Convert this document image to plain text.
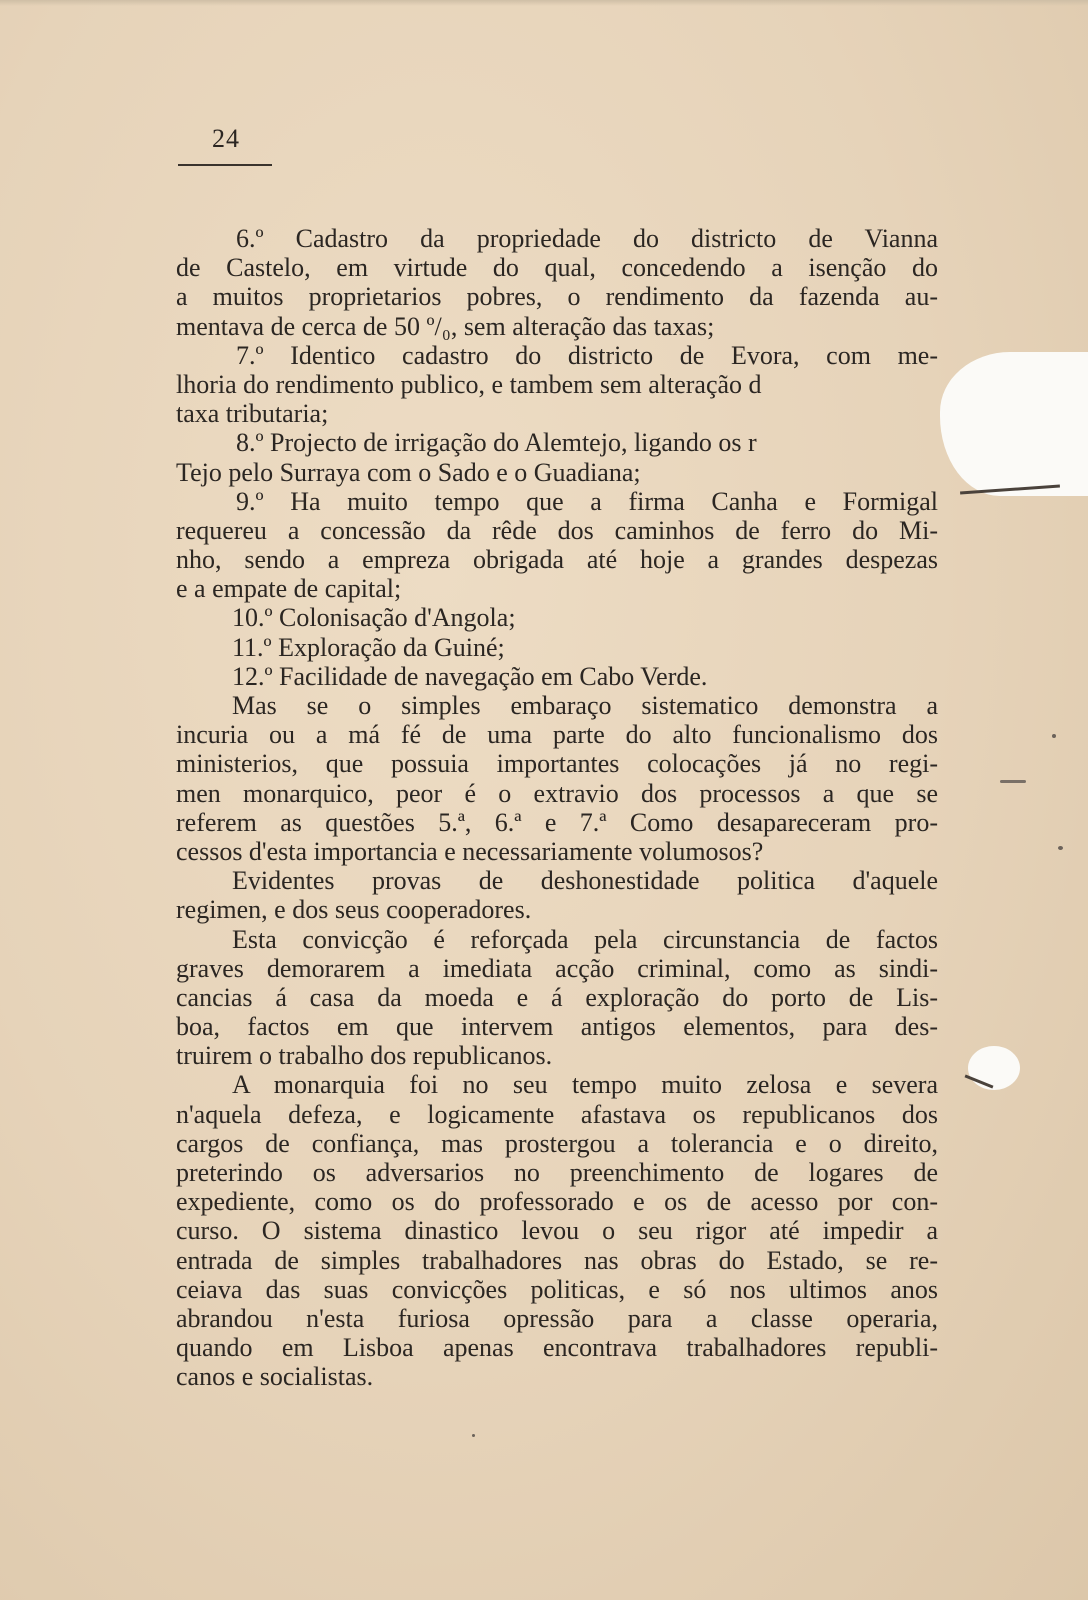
24
6.º Cadastro da propriedade do districto de Vianna
de Castelo, em virtude do qual, concedendo a isenção do
a muitos proprietarios pobres, o rendimento da fazenda au-
mentava de cerca de 50 º/₀, sem alteração das taxas;
7.º Identico cadastro do districto de Evora, com me-
lhoria do rendimento publico, e tambem sem alteração d
taxa tributaria;
8.º Projecto de irrigação do Alemtejo, ligando os r
Tejo pelo Surraya com o Sado e o Guadiana;
9.º Ha muito tempo que a firma Canha e Formigal
requereu a concessão da rêde dos caminhos de ferro do Mi-
nho, sendo a empreza obrigada até hoje a grandes despezas
e a empate de capital;
10.º Colonisação d'Angola;
11.º Exploração da Guiné;
12.º Facilidade de navegação em Cabo Verde.
Mas se o simples embaraço sistematico demonstra a
incuria ou a má fé de uma parte do alto funcionalismo dos
ministerios, que possuia importantes colocações já no regi-
men monarquico, peor é o extravio dos processos a que se
referem as questões 5.ª, 6.ª e 7.ª Como desapareceram pro-
cessos d'esta importancia e necessariamente volumosos?
Evidentes provas de deshonestidade politica d'aquele
regimen, e dos seus cooperadores.
Esta convicção é reforçada pela circunstancia de factos
graves demorarem a imediata acção criminal, como as sindi-
cancias á casa da moeda e á exploração do porto de Lis-
boa, factos em que intervem antigos elementos, para des-
truirem o trabalho dos republicanos.
A monarquia foi no seu tempo muito zelosa e severa
n'aquela defeza, e logicamente afastava os republicanos dos
cargos de confiança, mas prostergou a tolerancia e o direito,
preterindo os adversarios no preenchimento de logares de
expediente, como os do professorado e os de acesso por con-
curso. O sistema dinastico levou o seu rigor até impedir a
entrada de simples trabalhadores nas obras do Estado, se re-
ceiava das suas convicções politicas, e só nos ultimos anos
abrandou n'esta furiosa opressão para a classe operaria,
quando em Lisboa apenas encontrava trabalhadores republi-
canos e socialistas.
